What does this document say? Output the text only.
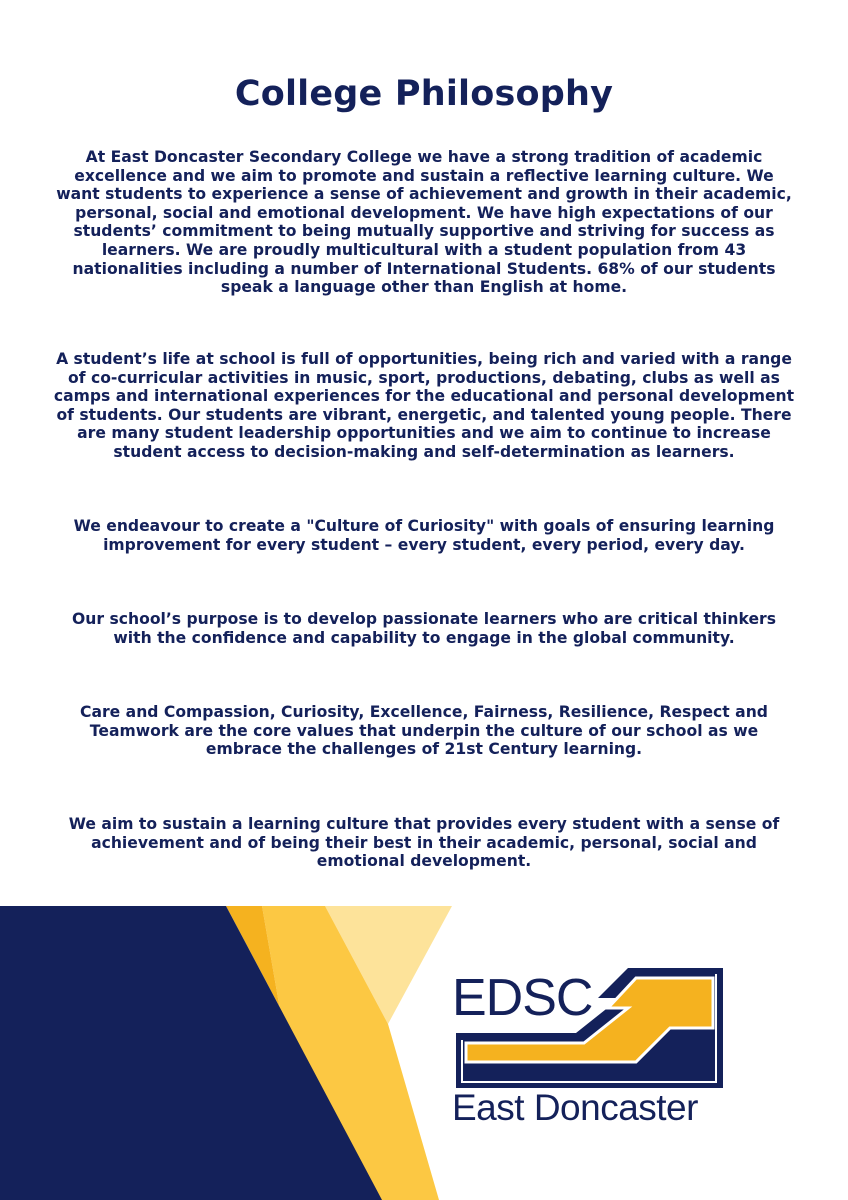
College Philosophy

At East Doncaster Secondary College we have a strong tradition of academic excellence and we aim to promote and sustain a reflective learning culture. We want students to experience a sense of achievement and growth in their academic, personal, social and emotional development. We have high expectations of our students’ commitment to being mutually supportive and striving for success as learners. We are proudly multicultural with a student population from 43 nationalities including a number of International Students. 68% of our students speak a language other than English at home.

A student’s life at school is full of opportunities, being rich and varied with a range of co-curricular activities in music, sport, productions, debating, clubs as well as camps and international experiences for the educational and personal development of students. Our students are vibrant, energetic, and talented young people. There are many student leadership opportunities and we aim to continue to increase student access to decision-making and self-determination as learners.

We endeavour to create a "Culture of Curiosity" with goals of ensuring learning improvement for every student – every student, every period, every day.

Our school’s purpose is to develop passionate learners who are critical thinkers with the confidence and capability to engage in the global community.

Care and Compassion, Curiosity, Excellence, Fairness, Resilience, Respect and Teamwork are the core values that underpin the culture of our school as we embrace the challenges of 21st Century learning.

We aim to sustain a learning culture that provides every student with a sense of achievement and of being their best in their academic, personal, social and emotional development.

EDSC
East Doncaster
